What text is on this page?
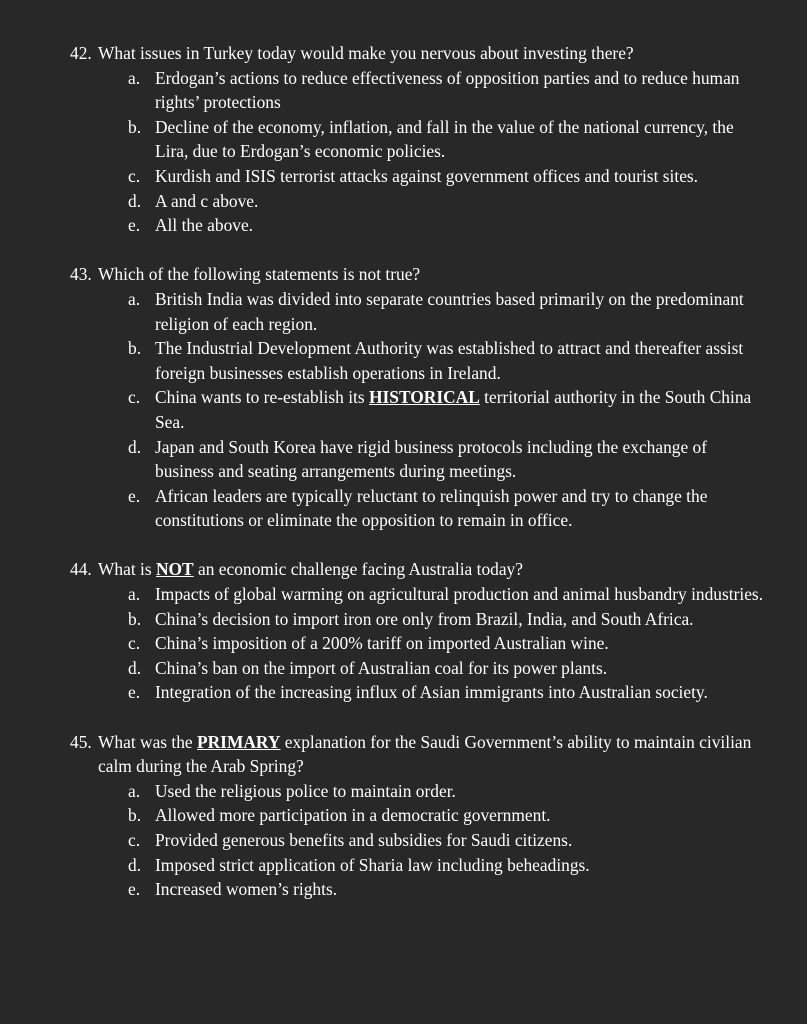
42. What issues in Turkey today would make you nervous about investing there?
a. Erdogan’s actions to reduce effectiveness of opposition parties and to reduce human rights’ protections
b. Decline of the economy, inflation, and fall in the value of the national currency, the Lira, due to Erdogan’s economic policies.
c. Kurdish and ISIS terrorist attacks against government offices and tourist sites.
d. A and c above.
e. All the above.
43. Which of the following statements is not true?
a. British India was divided into separate countries based primarily on the predominant religion of each region.
b. The Industrial Development Authority was established to attract and thereafter assist foreign businesses establish operations in Ireland.
c. China wants to re-establish its HISTORICAL territorial authority in the South China Sea.
d. Japan and South Korea have rigid business protocols including the exchange of business and seating arrangements during meetings.
e. African leaders are typically reluctant to relinquish power and try to change the constitutions or eliminate the opposition to remain in office.
44. What is NOT an economic challenge facing Australia today?
a. Impacts of global warming on agricultural production and animal husbandry industries.
b. China’s decision to import iron ore only from Brazil, India, and South Africa.
c. China’s imposition of a 200% tariff on imported Australian wine.
d. China’s ban on the import of Australian coal for its power plants.
e. Integration of the increasing influx of Asian immigrants into Australian society.
45. What was the PRIMARY explanation for the Saudi Government’s ability to maintain civilian calm during the Arab Spring?
a. Used the religious police to maintain order.
b. Allowed more participation in a democratic government.
c. Provided generous benefits and subsidies for Saudi citizens.
d. Imposed strict application of Sharia law including beheadings.
e. Increased women’s rights.
